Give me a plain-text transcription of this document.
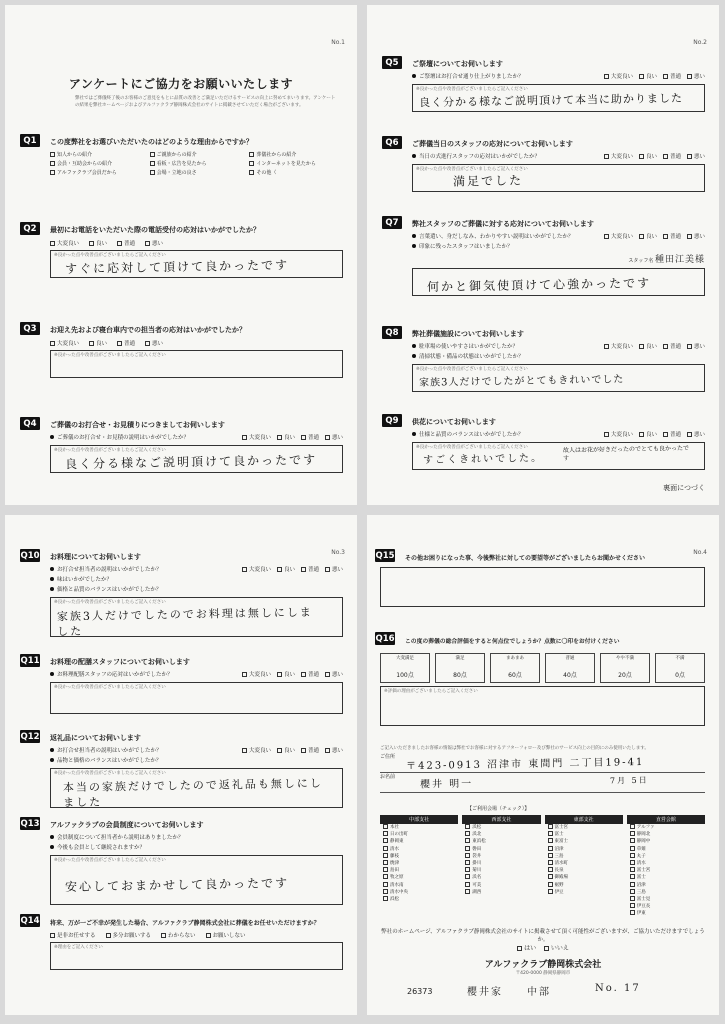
No.1
アンケートにご協力をお願いいたします
弊社ではご葬儀終了後のお客様のご意見をもとに品質の改善とご満足いただけるサービスの向上に努めてまいります。アンケートの結果を弊社ホームページおよびアルファクラブ静岡株式会社のサイトに掲載させていただく場合がございます。
Q1	この度弊社をお選びいただいたのはどのような理由からですか？
知人からの紹介	ご親族からの紹介	葬儀社からの紹介
会員・互助会からの紹介	看板・広告を見たから	インターネットを見たから
アルファクラブ会員だから	会場・立地の良さ	その他（
Q2	最初にお電話をいただいた際の電話受付の応対はいかがでしたか？
大変良い	良い	普通	悪い
※良かった点や改善点がございましたらご記入ください
すぐに応対して頂けて良かったです
Q3	お迎え先および寝台車内での担当者の応対はいかがでしたか？
大変良い	良い	普通	悪い
※良かった点や改善点がございましたらご記入ください
Q4	ご葬儀のお打合せ・お見積りにつきましてお伺いします
ご葬儀のお打合せ・お見積の説明はいかがでしたか？	大変良い	良い	普通	悪い
※良かった点や改善点がございましたらご記入ください
良く分る様なご説明頂けて良かったです
No.2
Q5	ご祭壇についてお伺いします
ご祭壇はお打合せ通り仕上がりましたか？	大変良い	良い	普通	悪い
※良かった点や改善点がございましたらご記入ください
良く分かる様なご説明頂けて本当に助かりました
Q6	ご葬儀当日のスタッフの応対についてお伺いします
当日の式進行スタッフの応対はいかがでしたか？	大変良い	良い	普通	悪い
※良かった点や改善点がございましたらご記入ください
満足でした
Q7	弊社スタッフのご葬儀に対する応対についてお伺いします
言葉遣い、身だしなみ、わかりやすい説明はいかがでしたか？	大変良い	良い	普通	悪い
印象に残ったスタッフはいましたか？
スタッフ名 種田江美様
何かと御気使頂けて心強かったです
Q8	弊社葬儀施設についてお伺いします
駐車場の使いやすさはいかがでしたか？	大変良い	良い	普通	悪い
清掃状態・備品の状態はいかがでしたか？
※良かった点や改善点がございましたらご記入ください
家族3人だけでしたがとてもきれいでした
Q9	供花についてお伺いします
仕様と品質のバランスはいかがでしたか？	大変良い	良い	普通	悪い
※良かった点や改善点がございましたらご記入ください
すごくきれいでした。
故人はお花が好きだったのでとても良かったです
裏面につづく
No.3
Q10 お料理についてお伺いします
お打合せ担当者の説明はいかがでしたか？	大変良い	良い	普通	悪い
味はいかがでしたか？
価格と品質のバランスはいかがでしたか？
※良かった点や改善点がございましたらご記入ください
家族3人だけでしたのでお料理は無しにしました
Q11 お料理の配膳スタッフについてお伺いします
お料理配膳スタッフの応対はいかがでしたか？	大変良い	良い	普通	悪い
※良かった点や改善点がございましたらご記入ください
Q12 返礼品についてお伺いします
お打合せ担当者の説明はいかがでしたか？	大変良い	良い	普通	悪い
品物と価格のバランスはいかがでしたか？
※良かった点や改善点がございましたらご記入ください
本当の家族だけでしたので返礼品も無しにしました
Q13 アルファクラブの会員制度についてお伺いします
会員制度について担当者から説明はありましたか？
今後も会員として継続されますか？
※良かった点や改善点がございましたらご記入ください
安心しておまかせして良かったです
Q14 将来、万が一ご不幸が発生した場合、アルファクラブ静岡株式会社に葬儀をお任せいただけますか？
是非お任せする	多分お願いする	わからない	お願いしない
※理由をご記入ください
No.4
Q15 その他お困りになった事、今後弊社に対しての要望等がございましたらお聞かせください
Q16 この度の葬儀の総合評価をすると何点位でしょうか？点数に〇印をお付けください
大変満足
100点
満足
80点
まあまあ
60点
普通
40点
やや不満
20点
不満
0点
※評価の理由がございましたらご記入ください
ご記入いただきましたお客様の情報は弊社でお客様に対するアフターフォロー及び弊社のサービス向上の目的にのみ使用いたします。
ご住所 〒423-0913 沼津市 東間門 二丁目19-41
お名前
櫻井 明一	7月 5日
【ご利用会場（チェック）】
中部支社
本社
日の出町
静岡東
清水
藤枝
焼津
島田
牧之原
清水南
清水中央
浜松
西部支社
浜松
浜北
東浜松
磐田
袋井
掛川
菊川
浜名
可美
湖西
東部支社
富士宮
富士
東富士
沼津
三島
清水町
長泉
御殿場
裾野
伊豆
直営会館
アルファ
静岡北
静岡中
草薙
丸子
清水
富士宮
富士
沼津
三島
富士見
伊豆長
伊東
弊社のホームページ、アルファクラブ静岡株式会社のサイトに掲載させて頂く可能性がございますが、ご協力いただけますでしょうか。
はい いいえ
アルファクラブ静岡株式会社
〒420-0000 静岡県静岡市
26373	櫻井家 中部	No. 17
